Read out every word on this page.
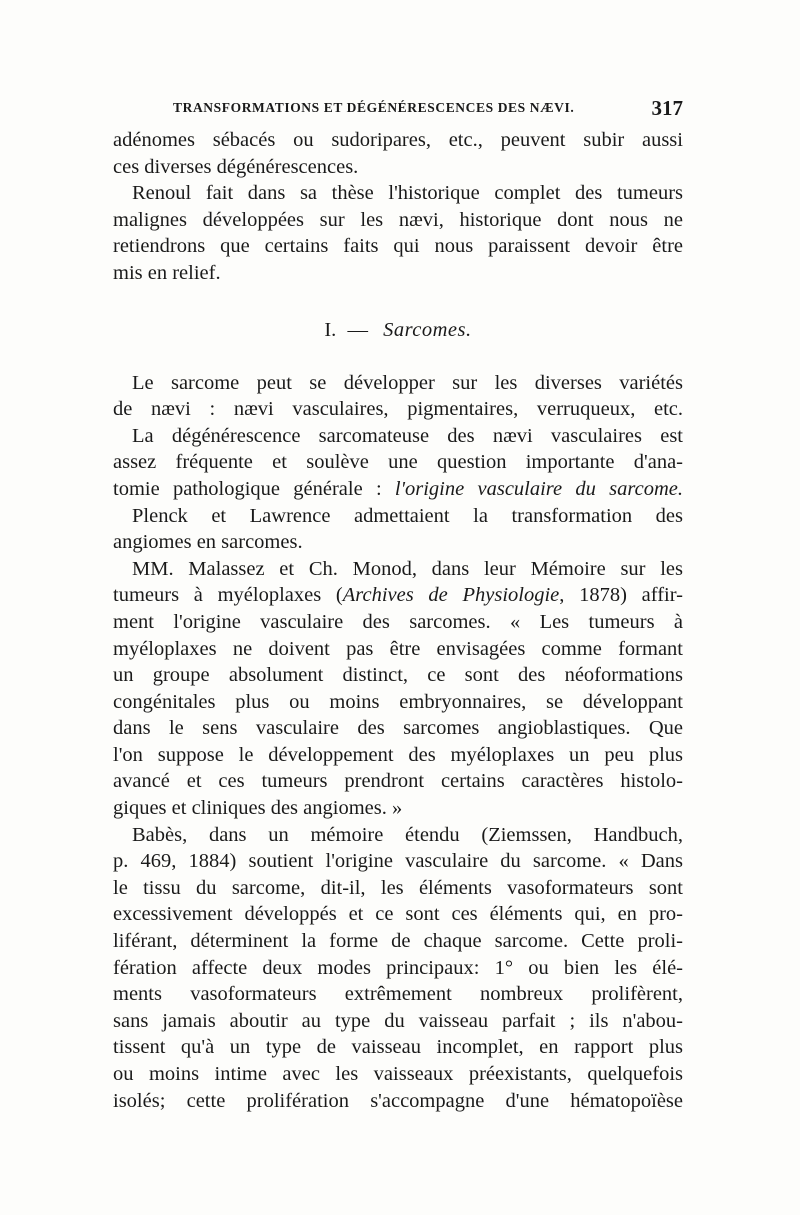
TRANSFORMATIONS ET DÉGÉNÉRESCENCES DES NÆVI.	317
adénomes sébacés ou sudoripares, etc., peuvent subir aussi
ces diverses dégénérescences.
Renoul fait dans sa thèse l'historique complet des tumeurs
malignes développées sur les nævi, historique dont nous ne
retiendrons que certains faits qui nous paraissent devoir être
mis en relief.
I. — Sarcomes.
Le sarcome peut se développer sur les diverses variétés
de nævi : nævi vasculaires, pigmentaires, verruqueux, etc.
La dégénérescence sarcomateuse des nævi vasculaires est
assez fréquente et soulève une question importante d'ana-
tomie pathologique générale : l'origine vasculaire du sarcome.
Plenck et Lawrence admettaient la transformation des
angiomes en sarcomes.
MM. Malassez et Ch. Monod, dans leur Mémoire sur les
tumeurs à myéloplaxes (Archives de Physiologie, 1878) affir-
ment l'origine vasculaire des sarcomes. « Les tumeurs à
myéloplaxes ne doivent pas être envisagées comme formant
un groupe absolument distinct, ce sont des néoformations
congénitales plus ou moins embryonnaires, se développant
dans le sens vasculaire des sarcomes angioblastiques. Que
l'on suppose le développement des myéloplaxes un peu plus
avancé et ces tumeurs prendront certains caractères histolo-
giques et cliniques des angiomes. »
Babès, dans un mémoire étendu (Ziemssen, Handbuch,
p. 469, 1884) soutient l'origine vasculaire du sarcome. « Dans
le tissu du sarcome, dit-il, les éléments vasoformateurs sont
excessivement développés et ce sont ces éléments qui, en pro-
liférant, déterminent la forme de chaque sarcome. Cette proli-
fération affecte deux modes principaux: 1° ou bien les élé-
ments vasoformateurs extrêmement nombreux prolifèrent,
sans jamais aboutir au type du vaisseau parfait ; ils n'abou-
tissent qu'à un type de vaisseau incomplet, en rapport plus
ou moins intime avec les vaisseaux préexistants, quelquefois
isolés; cette prolifération s'accompagne d'une hématopoïèse
